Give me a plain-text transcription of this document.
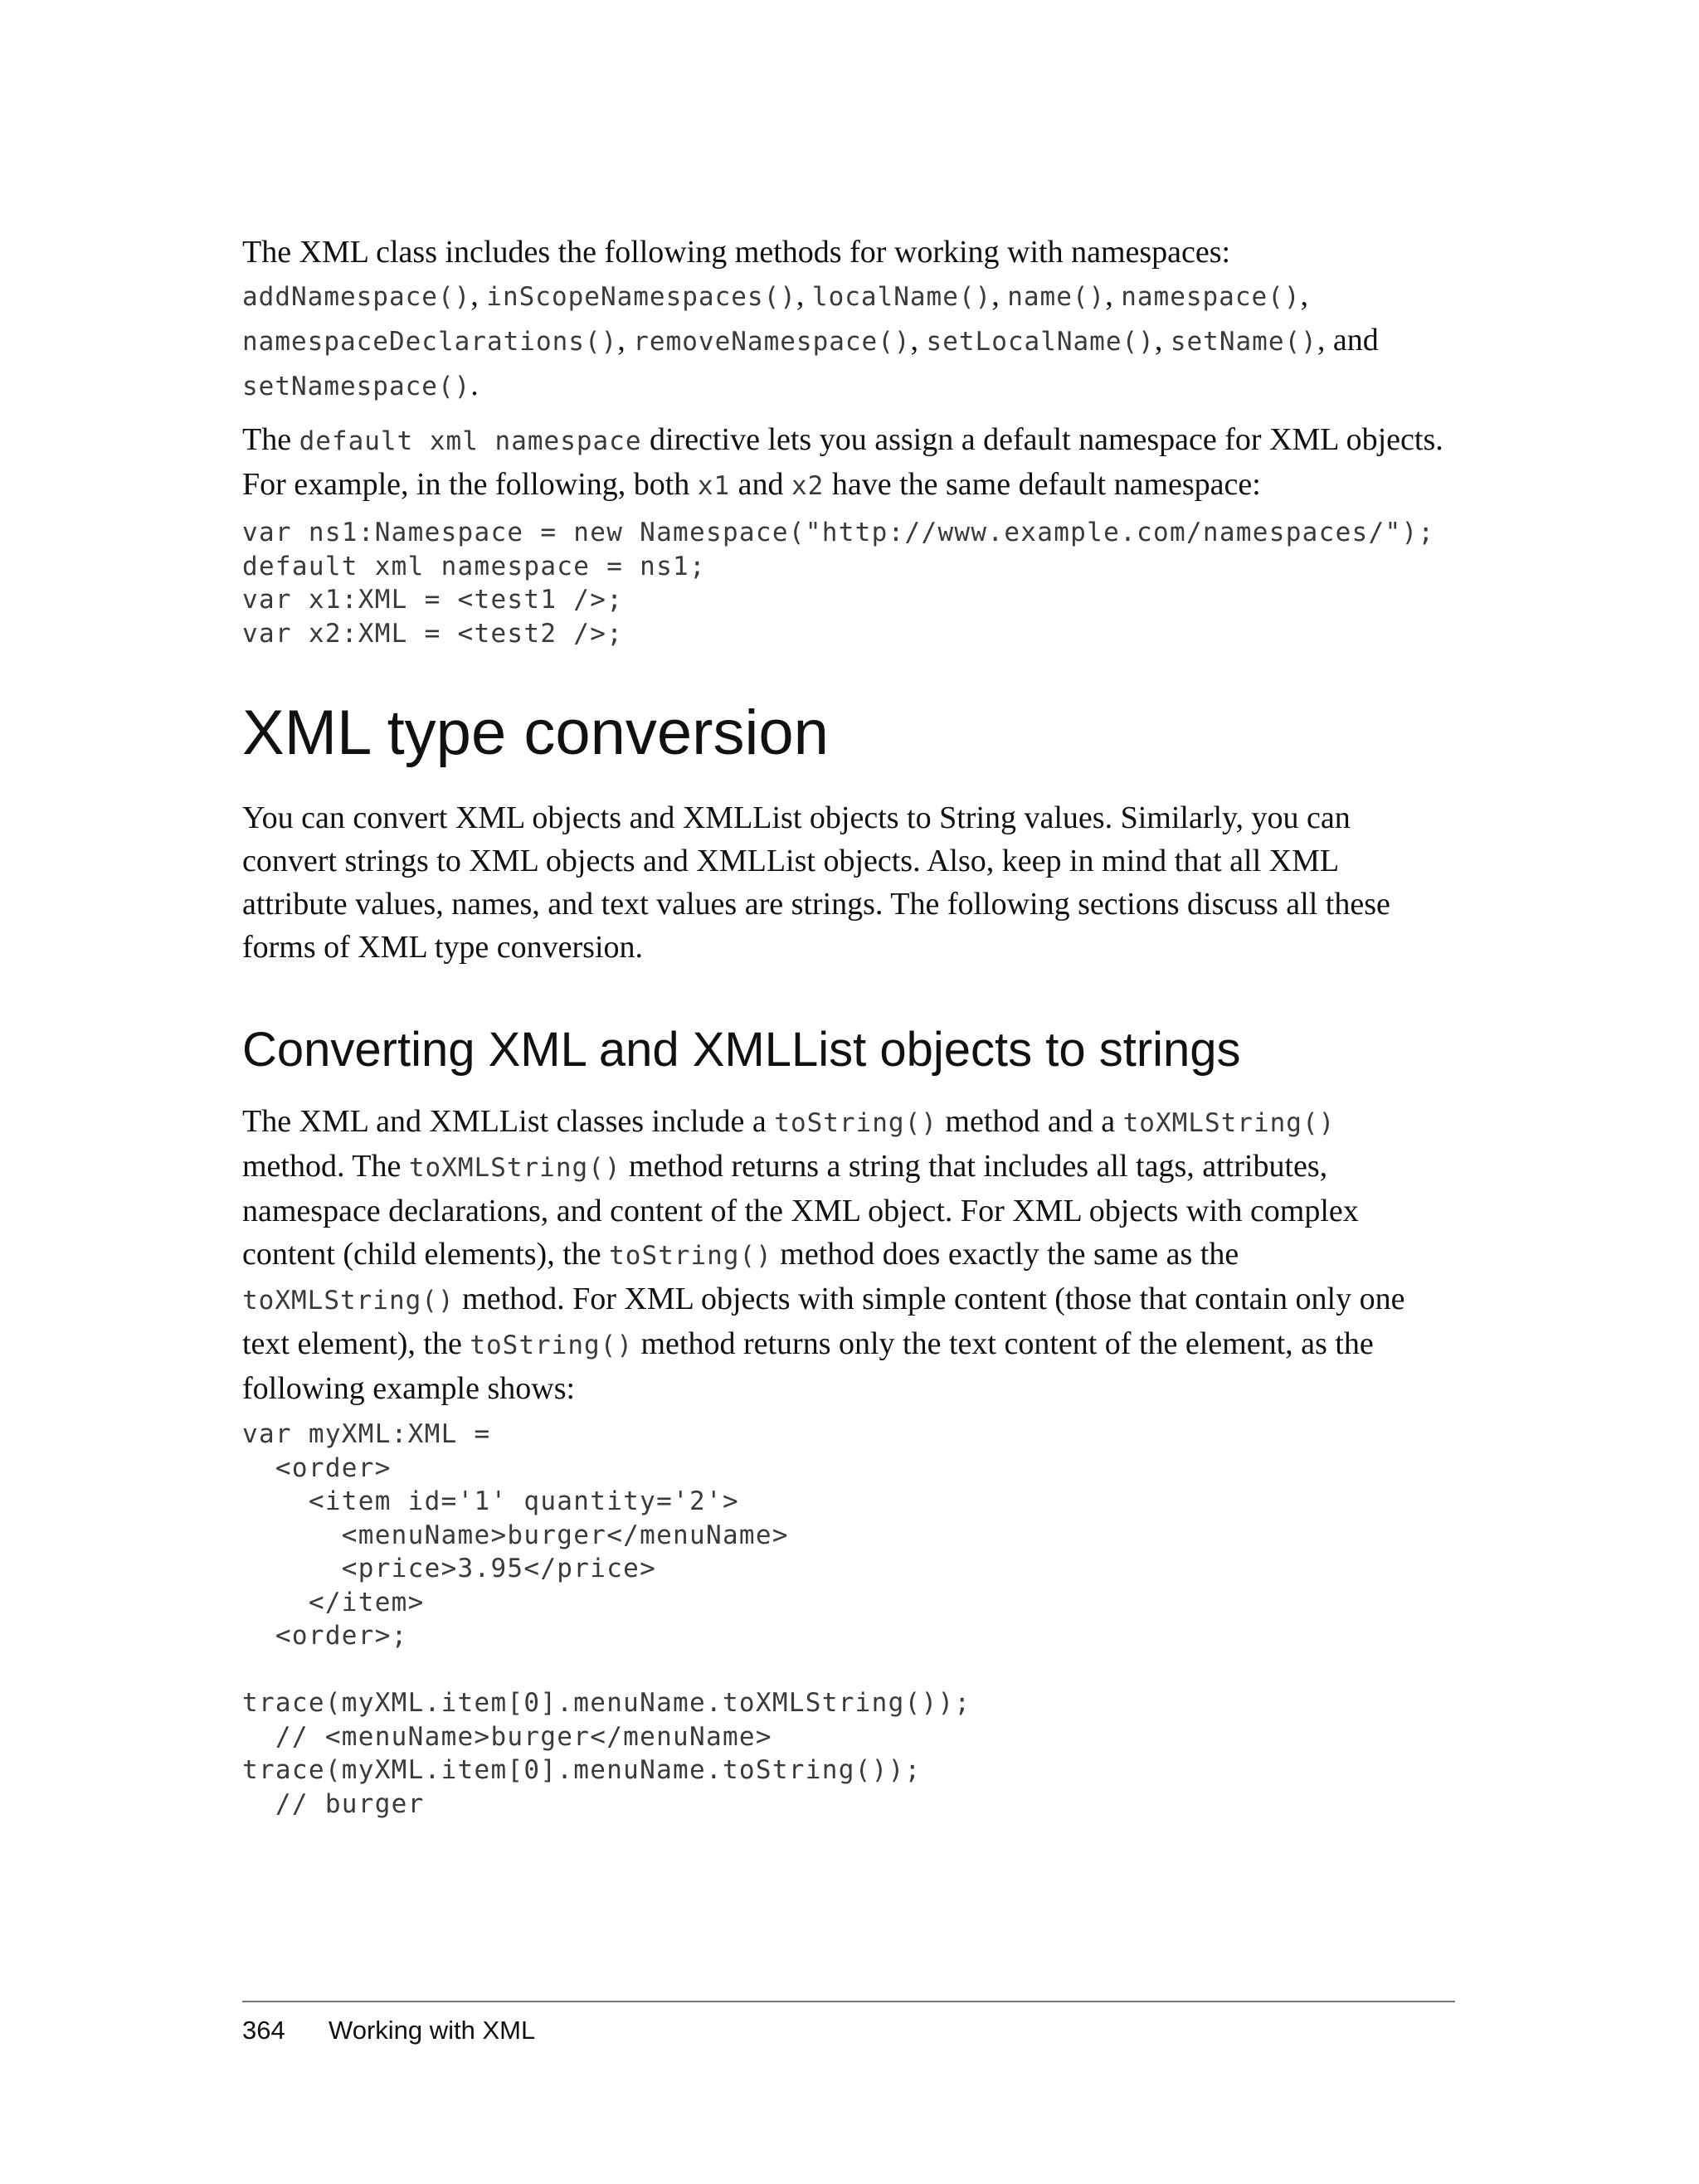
The XML class includes the following methods for working with namespaces:
addNamespace(), inScopeNamespaces(), localName(), name(), namespace(),
namespaceDeclarations(), removeNamespace(), setLocalName(), setName(), and
setNamespace().

The default xml namespace directive lets you assign a default namespace for XML objects.
For example, in the following, both x1 and x2 have the same default namespace:

var ns1:Namespace = new Namespace("http://www.example.com/namespaces/");
default xml namespace = ns1;
var x1:XML = <test1 />;
var x2:XML = <test2 />;
XML type conversion

You can convert XML objects and XMLList objects to String values. Similarly, you can
convert strings to XML objects and XMLList objects. Also, keep in mind that all XML
attribute values, names, and text values are strings. The following sections discuss all these
forms of XML type conversion.

Converting XML and XMLList objects to strings

The XML and XMLList classes include a toString() method and a toXMLString()
method. The toXMLString() method returns a string that includes all tags, attributes,
namespace declarations, and content of the XML object. For XML objects with complex
content (child elements), the toString() method does exactly the same as the
toXMLString() method. For XML objects with simple content (those that contain only one
text element), the toString() method returns only the text content of the element, as the
following example shows:

var myXML:XML =
<order>
<item id='1' quantity='2'>
<menuName>burger</menuName>
<price>3.95</price>
</item>
<order>;
trace(myXML.item[0].menuName.toXMLString());
// <menuName>burger</menuName>
trace(myXML.item[0].menuName.toString());
// burger
364 Working with XML
